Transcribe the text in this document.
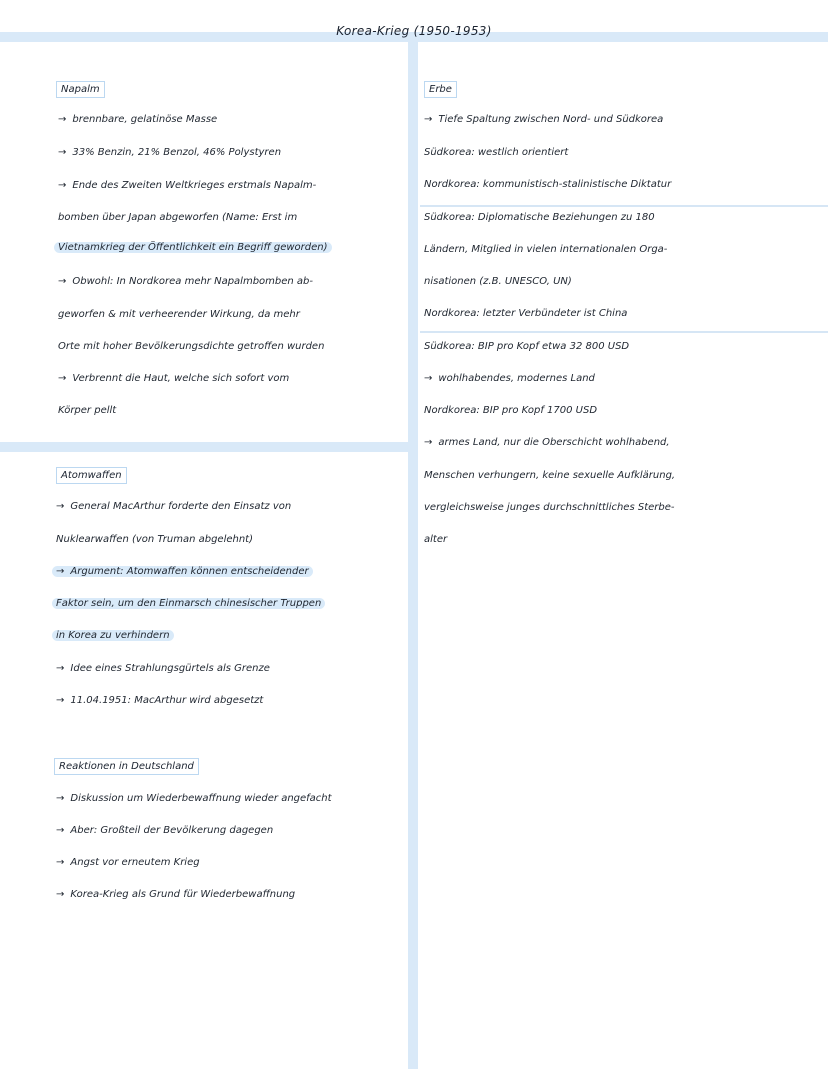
Korea-Krieg (1950-1953)
Napalm
→ brennbare, gelatinöse Masse
→ 33% Benzin, 21% Benzol, 46% Polystyren
→ Ende des Zweiten Weltkrieges erstmals Napalm-
bomben über Japan abgeworfen (Name: Erst im
Vietnamkrieg der Öffentlichkeit ein Begriff geworden)
→ Obwohl: In Nordkorea mehr Napalmbomben ab-
geworfen & mit verheerender Wirkung, da mehr
Orte mit hoher Bevölkerungsdichte getroffen wurden
→ Verbrennt die Haut, welche sich sofort vom
Körper pellt
Atomwaffen
→ General MacArthur forderte den Einsatz von
Nuklearwaffen (von Truman abgelehnt)
→ Argument: Atomwaffen können entscheidender
Faktor sein, um den Einmarsch chinesischer Truppen
in Korea zu verhindern
→ Idee eines Strahlungsgürtels als Grenze
→ 11.04.1951: MacArthur wird abgesetzt
Reaktionen in Deutschland
→ Diskussion um Wiederbewaffnung wieder angefacht
→ Aber: Großteil der Bevölkerung dagegen
→ Angst vor erneutem Krieg
→ Korea-Krieg als Grund für Wiederbewaffnung
Erbe
→ Tiefe Spaltung zwischen Nord- und Südkorea
Südkorea: westlich orientiert
Nordkorea: kommunistisch-stalinistische Diktatur
Südkorea: Diplomatische Beziehungen zu 180
Ländern, Mitglied in vielen internationalen Orga-
nisationen (z.B. UNESCO, UN)
Nordkorea: letzter Verbündeter ist China
Südkorea: BIP pro Kopf etwa 32 800 USD
→ wohlhabendes, modernes Land
Nordkorea: BIP pro Kopf 1700 USD
→ armes Land, nur die Oberschicht wohlhabend,
Menschen verhungern, keine sexuelle Aufklärung,
vergleichsweise junges durchschnittliches Sterbe-
alter
